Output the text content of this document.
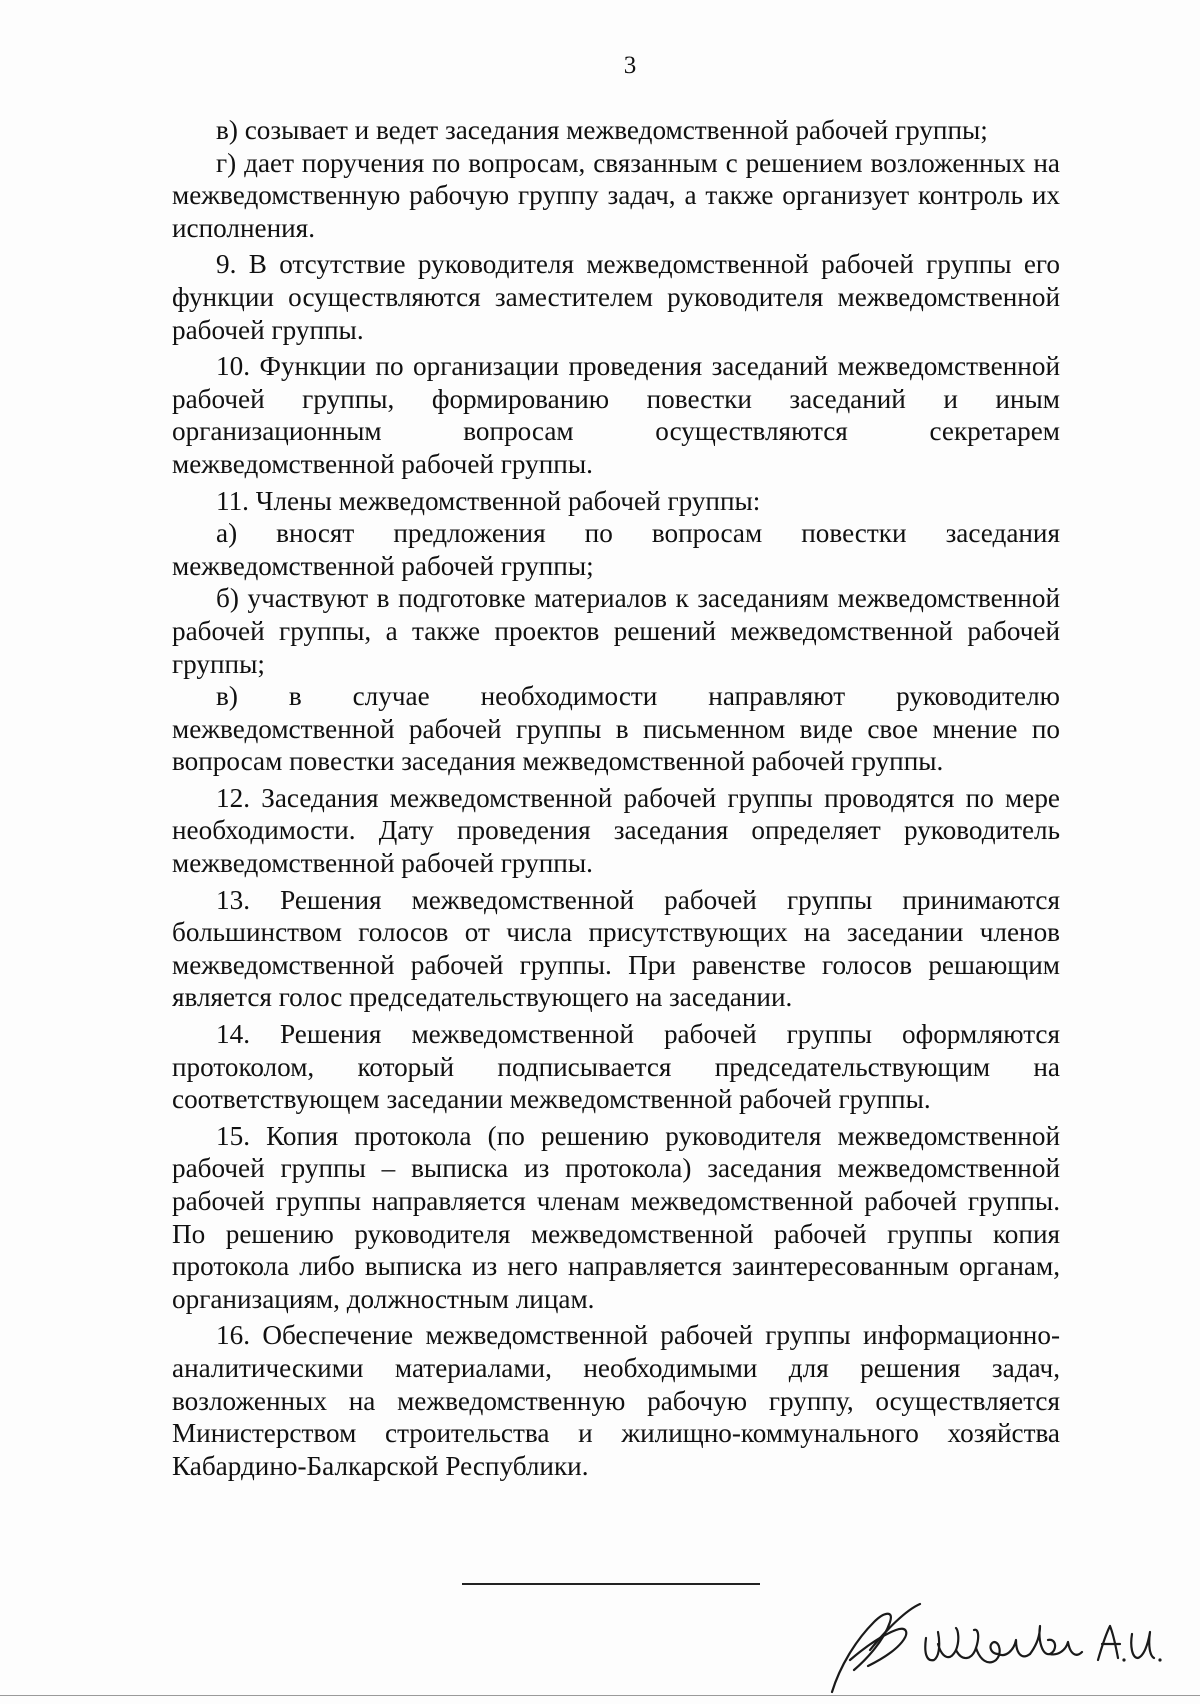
3

в) созывает и ведет заседания межведомственной рабочей группы;

г) дает поручения по вопросам, связанным с решением возложенных на межведомственную рабочую группу задач, а также организует контроль их исполнения.

9. В отсутствие руководителя межведомственной рабочей группы его функции осуществляются заместителем руководителя межведомственной рабочей группы.

10. Функции по организации проведения заседаний межведомственной рабочей группы, формированию повестки заседаний и иным организационным вопросам осуществляются секретарем межведомственной рабочей группы.

11. Члены межведомственной рабочей группы:

а) вносят предложения по вопросам повестки заседания межведомственной рабочей группы;

б) участвуют в подготовке материалов к заседаниям межведомственной рабочей группы, а также проектов решений межведомственной рабочей группы;

в) в случае необходимости направляют руководителю межведомственной рабочей группы в письменном виде свое мнение по вопросам повестки заседания межведомственной рабочей группы.

12. Заседания межведомственной рабочей группы проводятся по мере необходимости. Дату проведения заседания определяет руководитель межведомственной рабочей группы.

13. Решения межведомственной рабочей группы принимаются большинством голосов от числа присутствующих на заседании членов межведомственной рабочей группы. При равенстве голосов решающим является голос председательствующего на заседании.

14. Решения межведомственной рабочей группы оформляются протоколом, который подписывается председательствующим на соответствующем заседании межведомственной рабочей группы.

15. Копия протокола (по решению руководителя межведомственной рабочей группы – выписка из протокола) заседания межведомственной рабочей группы направляется членам межведомственной рабочей группы. По решению руководителя межведомственной рабочей группы копия протокола либо выписка из него направляется заинтересованным органам, организациям, должностным лицам.

16. Обеспечение межведомственной рабочей группы информационно-аналитическими материалами, необходимыми для решения задач, возложенных на межведомственную рабочую группу, осуществляется Министерством строительства и жилищно-коммунального хозяйства Кабардино-Балкарской Республики.
